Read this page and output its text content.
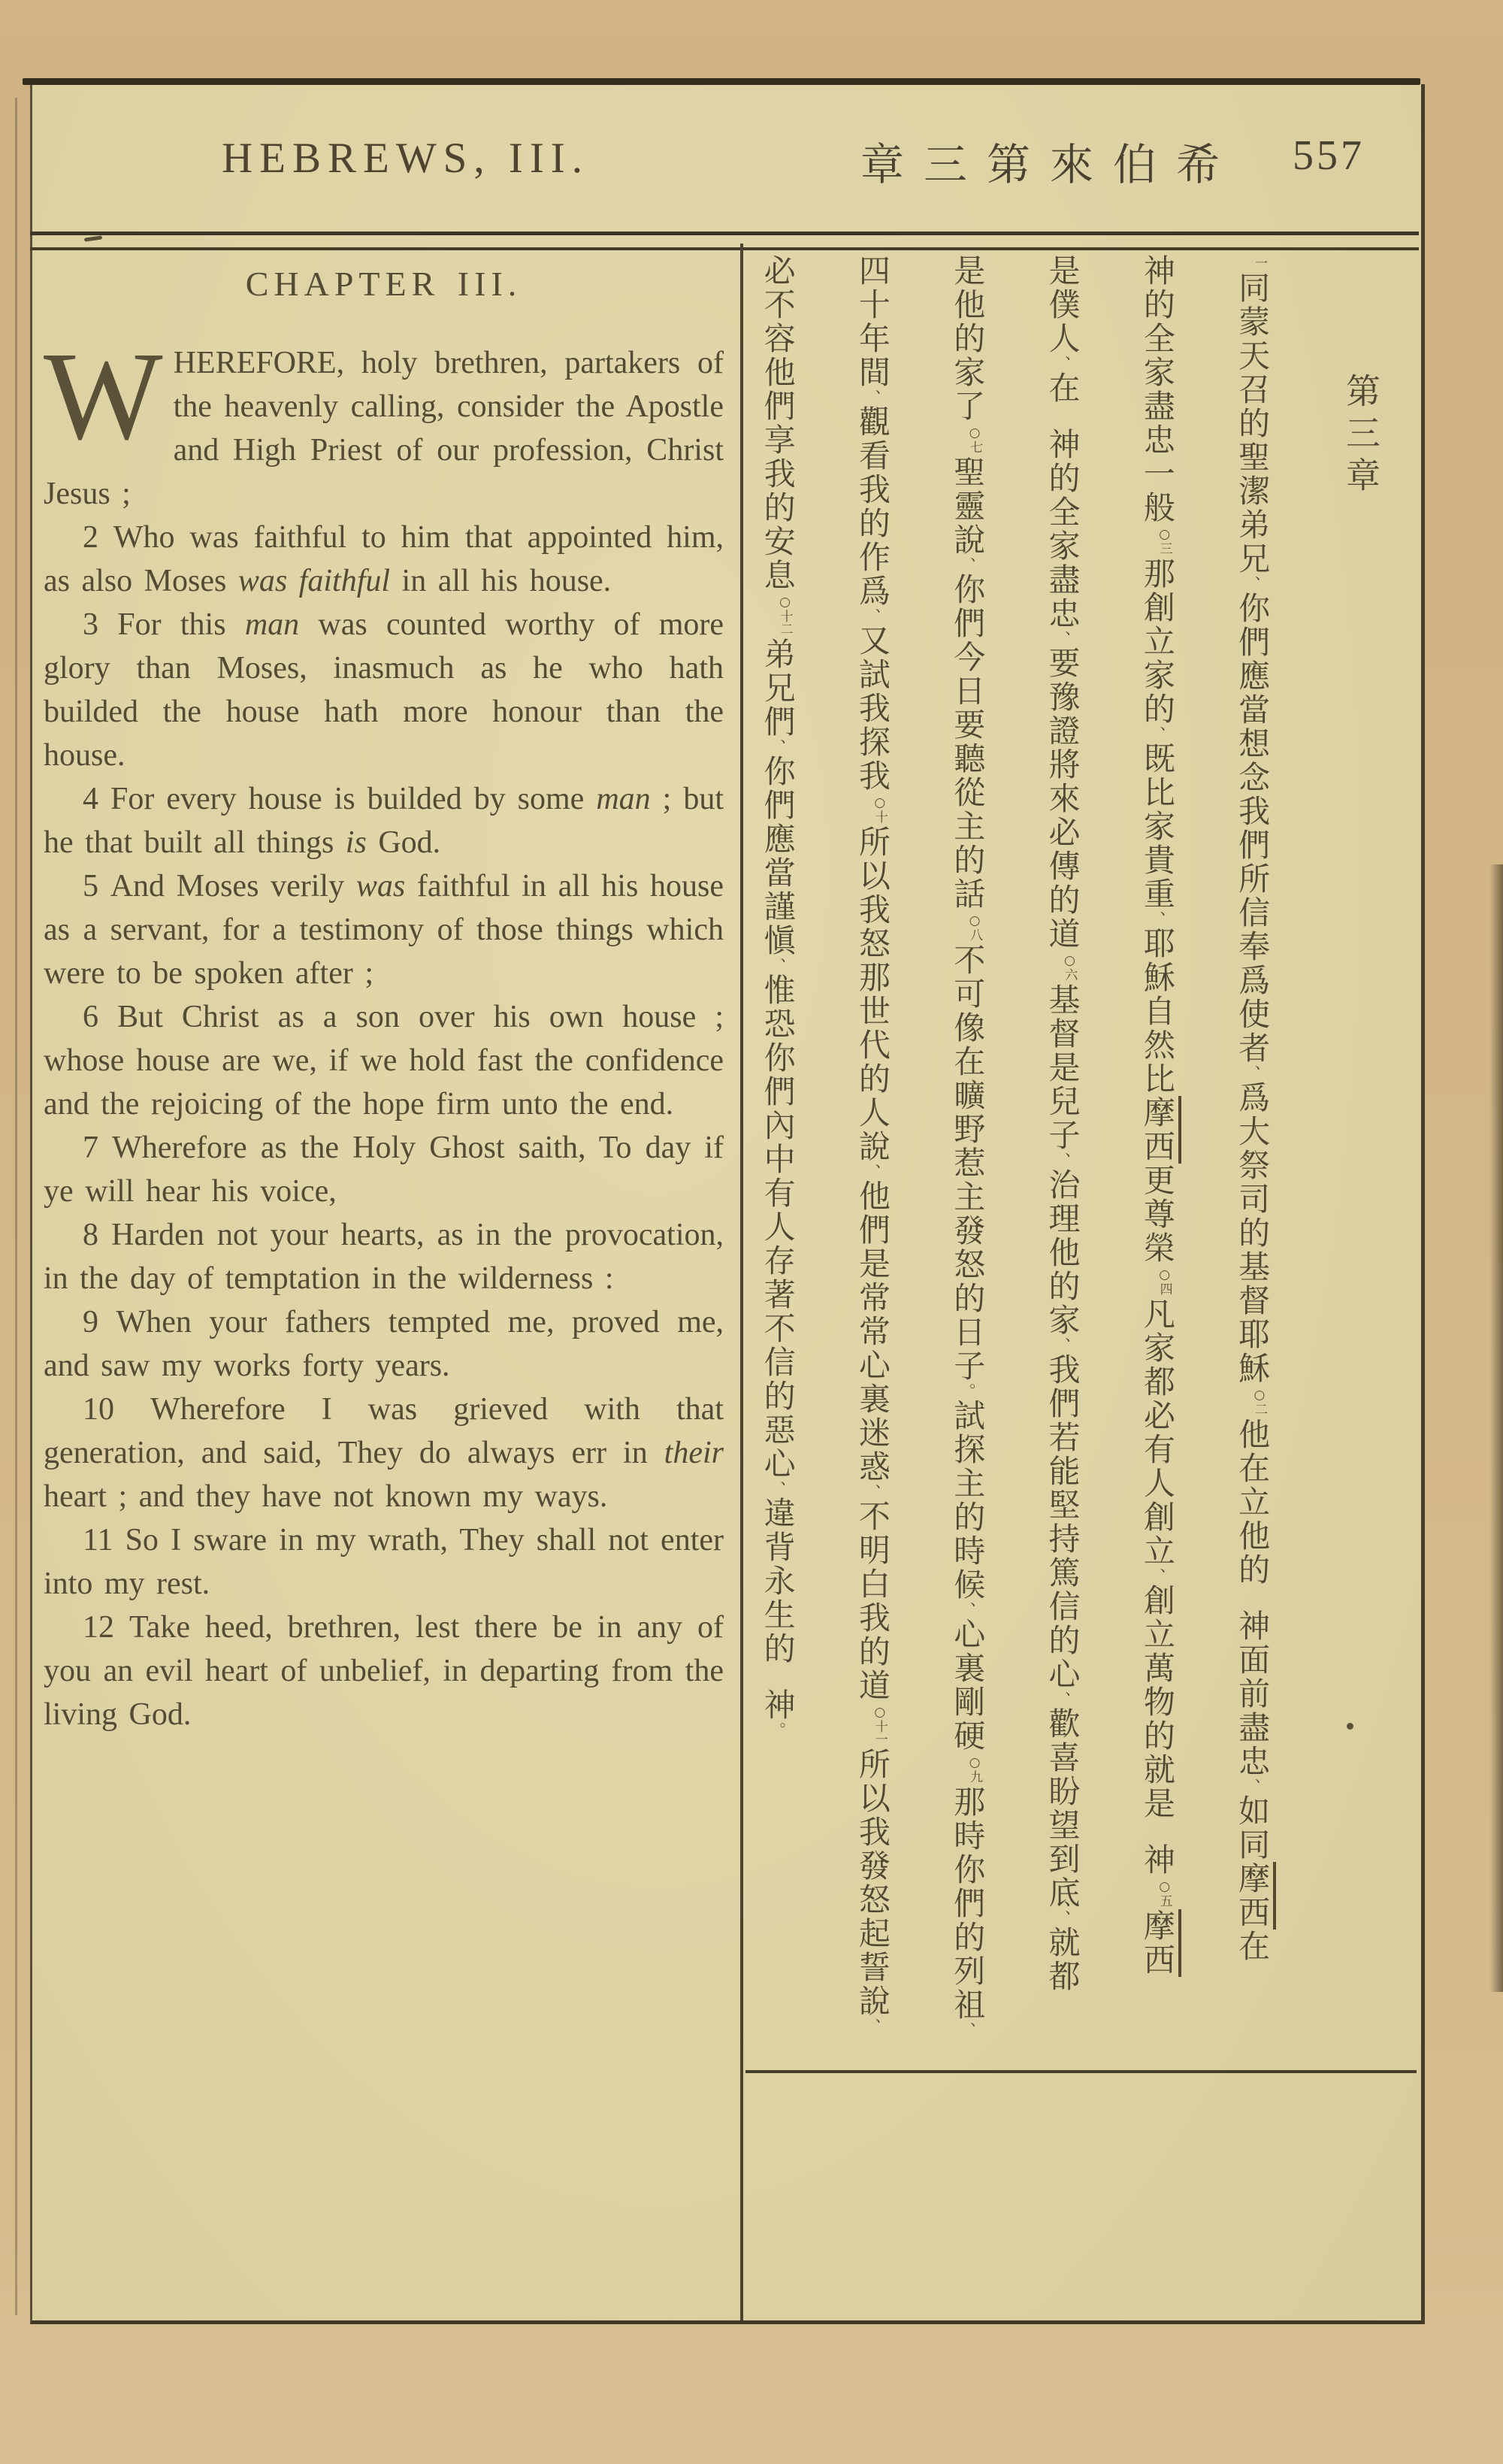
HEBREWS, III.	章三第來伯希 557
CHAPTER III.

WHEREFORE, holy brethren, partakers of the heavenly calling, consider the Apostle and High Priest of our profession, Christ Jesus ;

2 Who was faithful to him that appointed him, as also Moses was faithful in all his house.

3 For this man was counted worthy of more glory than Moses, inasmuch as he who hath builded the house hath more honour than the house.

4 For every house is builded by some man ; but he that built all things is God.

5 And Moses verily was faithful in all his house as a servant, for a testimony of those things which were to be spoken after ;

6 But Christ as a son over his own house ; whose house are we, if we hold fast the confidence and the rejoicing of the hope firm unto the end.

7 Wherefore as the Holy Ghost saith, To day if ye will hear his voice,

8 Harden not your hearts, as in the provocation, in the day of temptation in the wilderness :

9 When your fathers tempted me, proved me, and saw my works forty years.

10 Wherefore I was grieved with that generation, and said, They do always err in their heart ; and they have not known my ways.

11 So I sware in my wrath, They shall not enter into my rest.

12 Take heed, brethren, lest there be in any of you an evil heart of unbelief, in departing from the living God.

第三章
一同蒙天召的聖潔弟兄、你們應當想念我們所信奉爲使者、爲大祭司的基督耶穌○二他在立他的神面前盡忠、如同摩西在
神的全家盡忠一般○三那創立家的、既比家貴重、耶穌自然比摩西更尊榮○四凡家都必有人創立、創立萬物的就是神○五摩西
是僕人、在神的全家盡忠、要豫證將來必傳的道○六基督是兒子、治理他的家、我們若能堅持篤信的心、歡喜盼望到底、就都
是他的家了○七聖靈說、你們今日要聽從主的話○八不可像在曠野惹主發怒的日子。試探主的時候、心裏剛硬○九那時你們的列祖、
四十年間、觀看我的作爲、又試我探我○十所以我怒那世代的人說、他們是常常心裏迷惑、不明白我的道○十一所以我發怒起誓說、
必不容他們享我的安息○十二弟兄們、你們應當謹愼、惟恐你們內中有人存著不信的惡心、違背永生的神。
